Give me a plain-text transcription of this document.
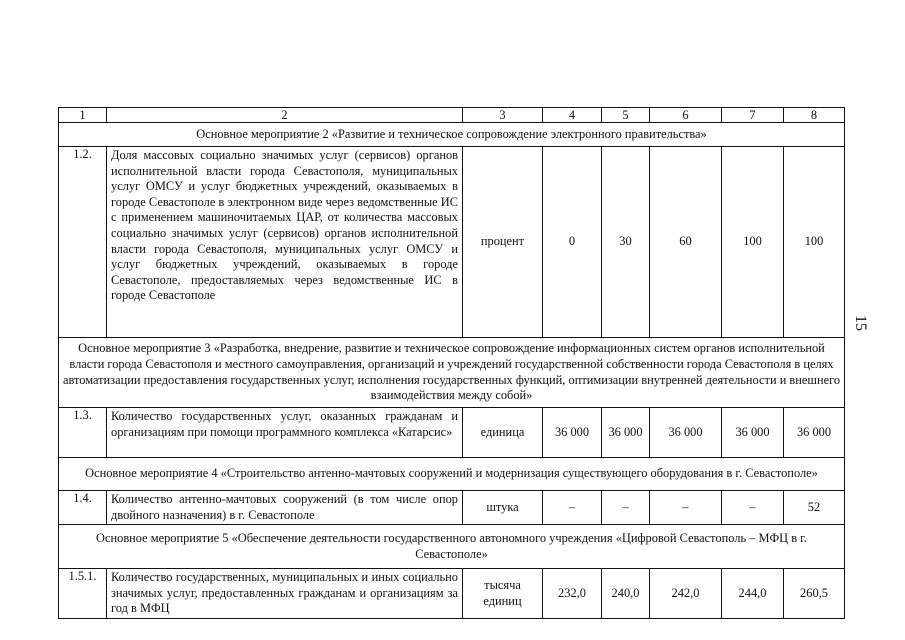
15
1	2	3	4	5	6	7	8
Основное мероприятие 2 «Развитие и техническое сопровождение электронного правительства»							
1.2.	Доля массовых социально значимых услуг (сервисов) органов исполнительной власти города Севастополя, муниципальных услуг ОМСУ и услуг бюджетных учреждений, оказываемых в городе Севастополе в электронном виде через ведомственные ИС с применением машиночитаемых ЦАР, от количества массовых социально значимых услуг (сервисов) органов исполнительной власти города Севастополя, муниципальных услуг ОМСУ и услуг бюджетных учреждений, оказываемых в городе Севастополе, предоставляемых через ведомственные ИС в городе Севастополе	процент	0	30	60	100	100
Основное мероприятие 3 «Разработка, внедрение, развитие и техническое сопровождение информационных систем органов исполнительной власти города Севастополя и местного самоуправления, организаций и учреждений государственной собственности города Севастополя в целях автоматизации предоставления государственных услуг, исполнения государственных функций, оптимизации внутренней деятельности и внешнего взаимодействия между собой»							
1.3.	Количество государственных услуг, оказанных гражданам и организациям при помощи программного комплекса «Катарсис»	единица	36 000	36 000	36 000	36 000	36 000
Основное мероприятие 4 «Строительство антенно-мачтовых сооружений и модернизация существующего оборудования в г. Севастополе»							
1.4.	Количество антенно-мачтовых сооружений (в том числе опор двойного назначения) в г. Севастополе	штука	–	–	–	–	52
Основное мероприятие 5 «Обеспечение деятельности государственного автономного учреждения «Цифровой Севастополь – МФЦ в г. Севастополе»							
1.5.1.	Количество государственных, муниципальных и иных социально значимых услуг, предоставленных гражданам и организациям за год в МФЦ	тысяча единиц	232,0	240,0	242,0	244,0	260,5
